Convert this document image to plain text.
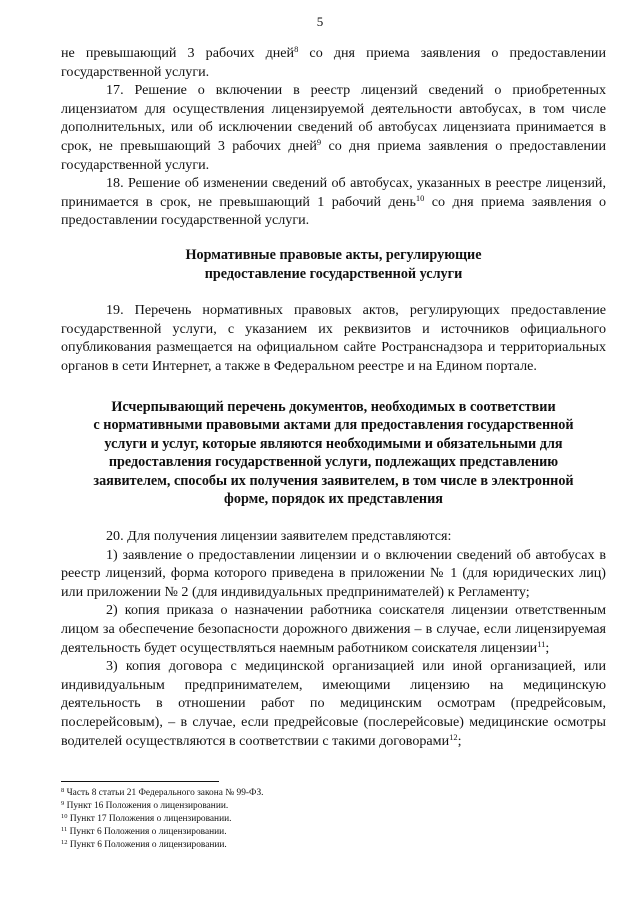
5

не превышающий 3 рабочих дней$^8$ со дня приема заявления о предоставлении государственной услуги.

17. Решение о включении в реестр лицензий сведений о приобретенных лицензиатом для осуществления лицензируемой деятельности автобусах, в том числе дополнительных, или об исключении сведений об автобусах лицензиата принимается в срок, не превышающий 3 рабочих дней$^9$ со дня приема заявления о предоставлении государственной услуги.

18. Решение об изменении сведений об автобусах, указанных в реестре лицензий, принимается в срок, не превышающий 1 рабочий день$^{10}$ со дня приема заявления о предоставлении государственной услуги.

Нормативные правовые акты, регулирующие
предоставление государственной услуги

19. Перечень нормативных правовых актов, регулирующих предоставление государственной услуги, с указанием их реквизитов и источников официального опубликования размещается на официальном сайте Ространснадзора и территориальных органов в сети Интернет, а также в Федеральном реестре и на Едином портале.

Исчерпывающий перечень документов, необходимых в соответствии
с нормативными правовыми актами для предоставления государственной
услуги и услуг, которые являются необходимыми и обязательными для
предоставления государственной услуги, подлежащих представлению
заявителем, способы их получения заявителем, в том числе в электронной
форме, порядок их представления

20. Для получения лицензии заявителем представляются:

1) заявление о предоставлении лицензии и о включении сведений об автобусах в реестр лицензий, форма которого приведена в приложении № 1 (для юридических лиц) или приложении № 2 (для индивидуальных предпринимателей) к Регламенту;

2) копия приказа о назначении работника соискателя лицензии ответственным лицом за обеспечение безопасности дорожного движения – в случае, если лицензируемая деятельность будет осуществляться наемным работником соискателя лицензии$^{11}$;

3) копия договора с медицинской организацией или иной организацией, или индивидуальным предпринимателем, имеющими лицензию на медицинскую деятельность в отношении работ по медицинским осмотрам (предрейсовым, послерейсовым), – в случае, если предрейсовые (послерейсовые) медицинские осмотры водителей осуществляются в соответствии с такими договорами$^{12}$;

$^8$ Часть 8 статьи 21 Федерального закона № 99-ФЗ.

$^9$ Пункт 16 Положения о лицензировании.

$^{10}$ Пункт 17 Положения о лицензировании.

$^{11}$ Пункт 6 Положения о лицензировании.

$^{12}$ Пункт 6 Положения о лицензировании.
